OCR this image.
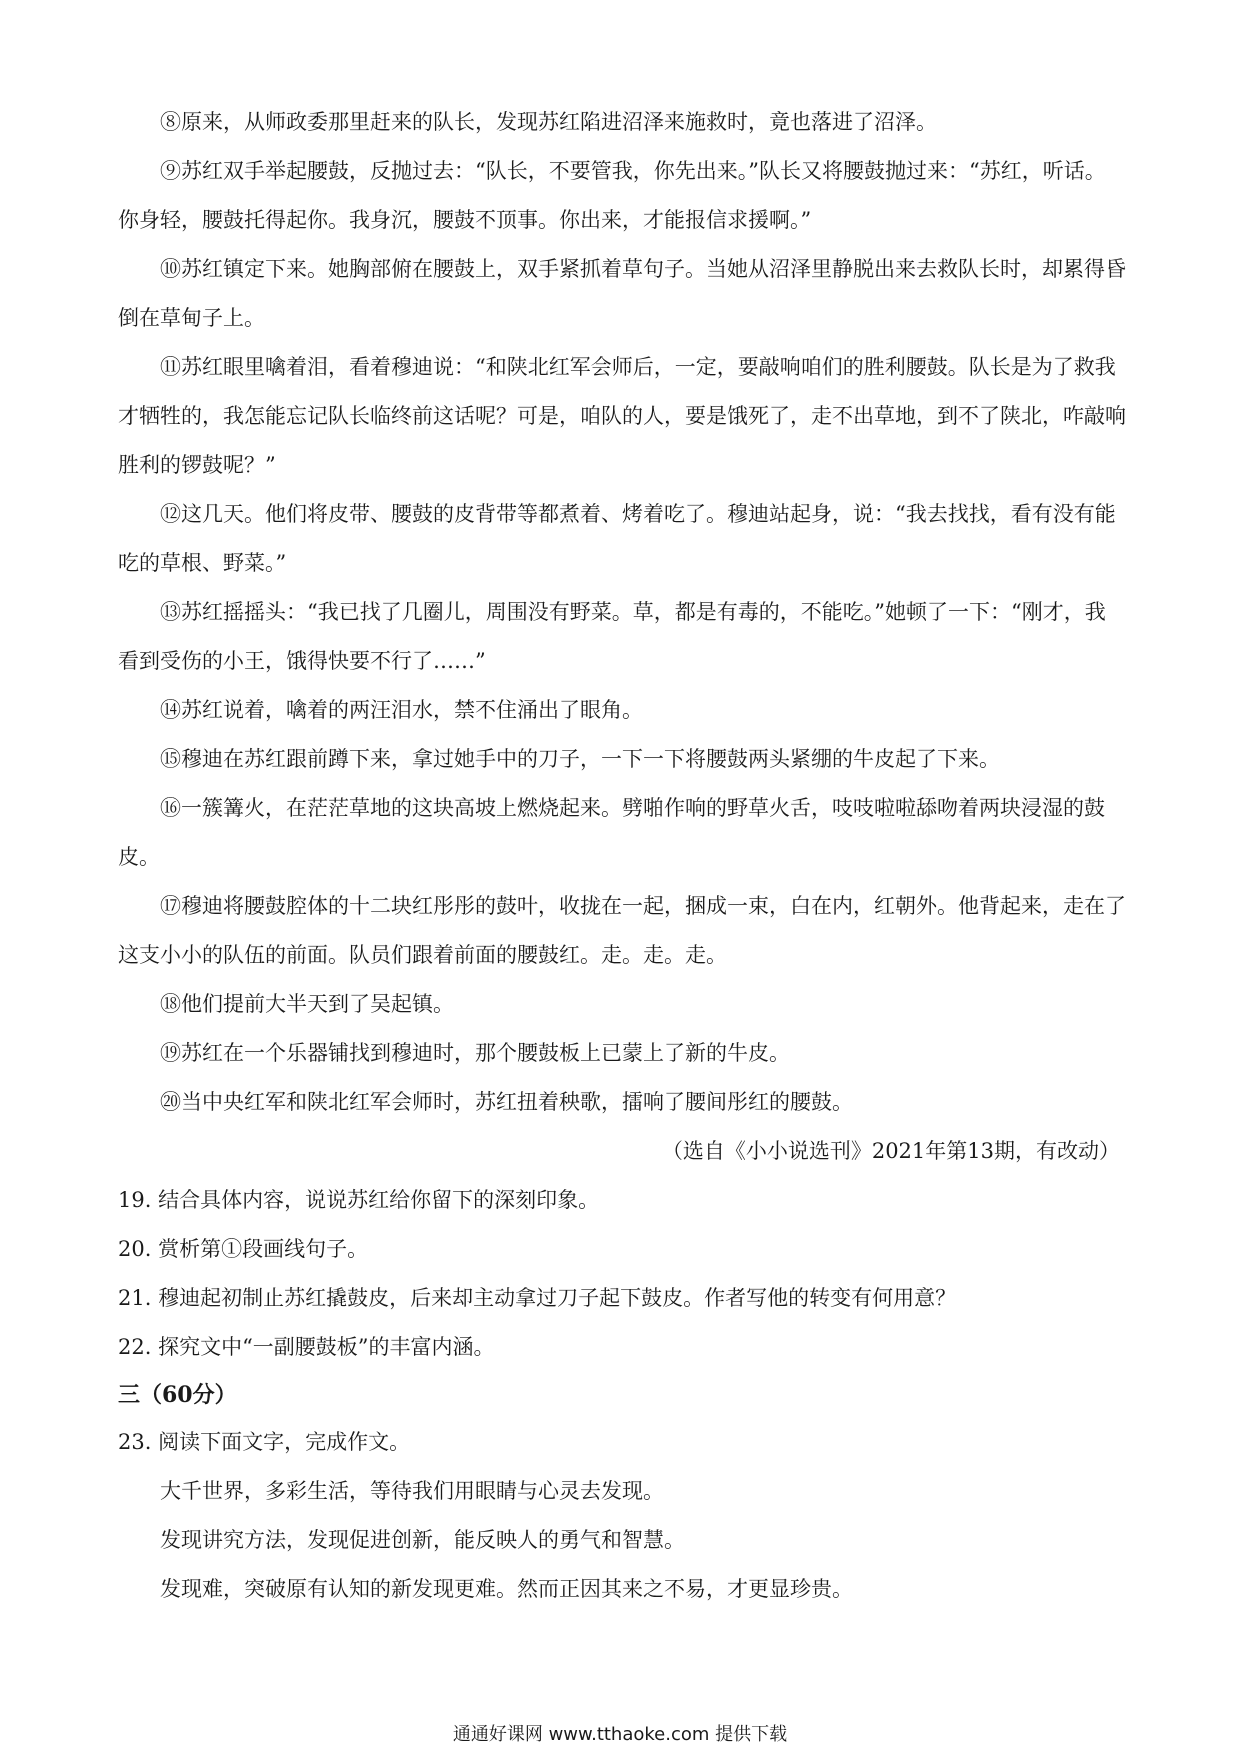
⑧原来，从师政委那里赶来的队长，发现苏红陷进沼泽来施救时，竟也落进了沼泽。

⑨苏红双手举起腰鼓，反抛过去：“队长，不要管我，你先出来。”队长又将腰鼓抛过来：“苏红，听话。你身轻，腰鼓托得起你。我身沉，腰鼓不顶事。你出来，才能报信求援啊。”

⑩苏红镇定下来。她胸部俯在腰鼓上，双手紧抓着草句子。当她从沼泽里静脱出来去救队长时，却累得昏倒在草甸子上。

⑪苏红眼里噙着泪，看着穆迪说：“和陕北红军会师后，一定，要敲响咱们的胜利腰鼓。队长是为了救我才牺牲的，我怎能忘记队长临终前这话呢？可是，咱队的人，要是饿死了，走不出草地，到不了陕北，咋敲响胜利的锣鼓呢？”

⑫这几天。他们将皮带、腰鼓的皮背带等都煮着、烤着吃了。穆迪站起身，说：“我去找找，看有没有能吃的草根、野菜。”

⑬苏红摇摇头：“我已找了几圈儿，周围没有野菜。草，都是有毒的，不能吃。”她顿了一下：“刚才，我看到受伤的小王，饿得快要不行了……”

⑭苏红说着，噙着的两汪泪水，禁不住涌出了眼角。

⑮穆迪在苏红跟前蹲下来，拿过她手中的刀子，一下一下将腰鼓两头紧绷的牛皮起了下来。

⑯一簇篝火，在茫茫草地的这块高坡上燃烧起来。劈啪作响的野草火舌，吱吱啦啦舔吻着两块浸湿的鼓皮。

⑰穆迪将腰鼓腔体的十二块红彤彤的鼓叶，收拢在一起，捆成一束，白在内，红朝外。他背起来，走在了这支小小的队伍的前面。队员们跟着前面的腰鼓红。走。走。走。

⑱他们提前大半天到了吴起镇。

⑲苏红在一个乐器铺找到穆迪时，那个腰鼓板上已蒙上了新的牛皮。

⑳当中央红军和陕北红军会师时，苏红扭着秧歌，擂响了腰间彤红的腰鼓。

（选自《小小说选刊》2021年第13期，有改动）

19. 结合具体内容，说说苏红给你留下的深刻印象。

20. 赏析第①段画线句子。

21. 穆迪起初制止苏红撬鼓皮，后来却主动拿过刀子起下鼓皮。作者写他的转变有何用意？

22. 探究文中“一副腰鼓板”的丰富内涵。

三（60分）

23. 阅读下面文字，完成作文。

大千世界，多彩生活，等待我们用眼睛与心灵去发现。

发现讲究方法，发现促进创新，能反映人的勇气和智慧。

发现难，突破原有认知的新发现更难。然而正因其来之不易，才更显珍贵。

通通好课网 www.tthaoke.com 提供下载
